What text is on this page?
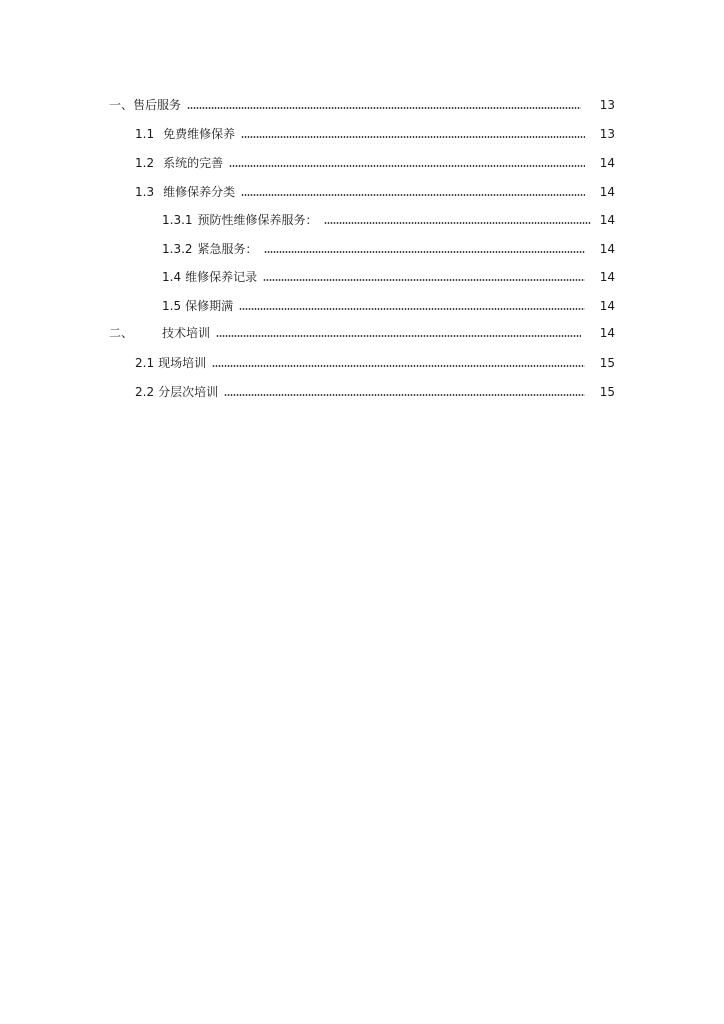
一、 售后服务	13
1.1 免费维修保养	13
1.2 系统的完善	14
1.3 维修保养分类	14
1.3.1 预防性维修保养服务：	14
1.3.2 紧急服务：	14
1.4 维修保养记录	14
1.5 保修期满	14
二、	技术培训	14
2.1 现场培训	15
2.2 分层次培训	15
